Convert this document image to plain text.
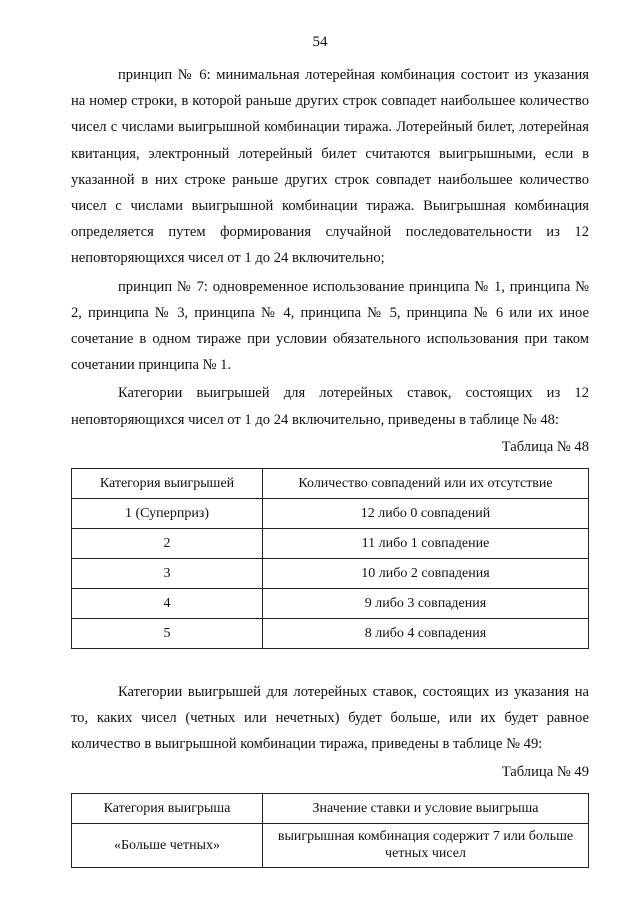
54

принцип № 6: минимальная лотерейная комбинация состоит из указания на номер строки, в которой раньше других строк совпадет наибольшее количество чисел с числами выигрышной комбинации тиража. Лотерейный билет, лотерейная квитанция, электронный лотерейный билет считаются выигрышными, если в указанной в них строке раньше других строк совпадет наибольшее количество чисел с числами выигрышной комбинации тиража. Выигрышная комбинация определяется путем формирования случайной последовательности из 12 неповторяющихся чисел от 1 до 24 включительно;

принцип № 7: одновременное использование принципа № 1, принципа № 2, принципа № 3, принципа № 4, принципа № 5, принципа № 6 или их иное сочетание в одном тираже при условии обязательного использования при таком сочетании принципа № 1.

Категории выигрышей для лотерейных ставок, состоящих из 12 неповторяющихся чисел от 1 до 24 включительно, приведены в таблице № 48:

Таблица № 48
Категория выигрышей	Количество совпадений или их отсутствие
1 (Суперприз)	12 либо 0 совпадений
2	11 либо 1 совпадение
3	10 либо 2 совпадения
4	9 либо 3 совпадения
5	8 либо 4 совпадения

Категории выигрышей для лотерейных ставок, состоящих из указания на то, каких чисел (четных или нечетных) будет больше, или их будет равное количество в выигрышной комбинации тиража, приведены в таблице № 49:

Таблица № 49
Категория выигрыша	Значение ставки и условие выигрыша
«Больше четных»	выигрышная комбинация содержит 7 или больше четных чисел
